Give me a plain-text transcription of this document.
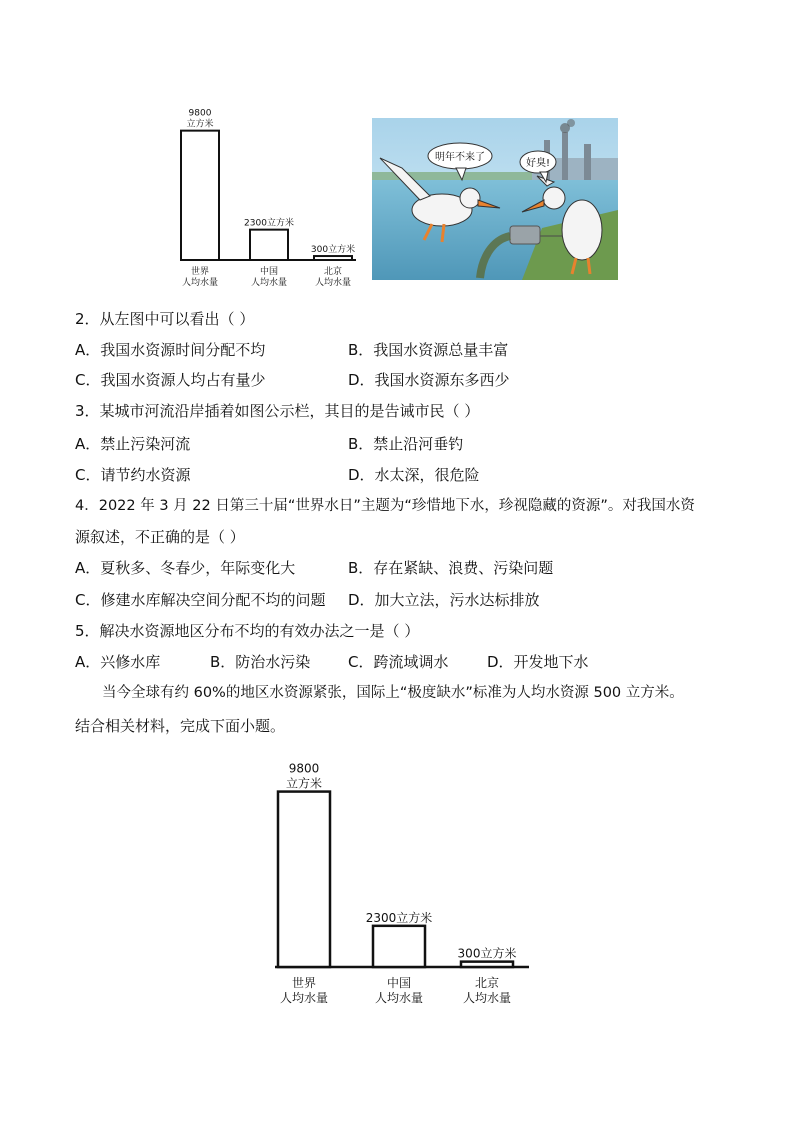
9800
立方米
世界
人均水量
2300立方米
中国
人均水量
300立方米
北京
人均水量
明年不来了
好臭!
2．从左图中可以看出（ ）
A．我国水资源时间分配不均	B．我国水资源总量丰富
C．我国水资源人均占有量少	D．我国水资源东多西少
3．某城市河流沿岸插着如图公示栏，其目的是告诫市民（ ）
A．禁止污染河流	B．禁止沿河垂钓
C．请节约水资源	D．水太深，很危险
4．2022 年 3 月 22 日第三十届“世界水日”主题为“珍惜地下水，珍视隐藏的资源”。对我国水资
源叙述，不正确的是（ ）
A．夏秋多、冬春少，年际变化大	B．存在紧缺、浪费、污染问题
C．修建水库解决空间分配不均的问题 D．加大立法，污水达标排放
5．解决水资源地区分布不均的有效办法之一是（ ）
A．兴修水库	B．防治水污染	C．跨流域调水	D．开发地下水
当今全球有约 60%的地区水资源紧张，国际上“极度缺水”标准为人均水资源 500 立方米。
结合相关材料，完成下面小题。
9800
立方米
世界
人均水量
2300立方米
中国
人均水量
300立方米
北京
人均水量
